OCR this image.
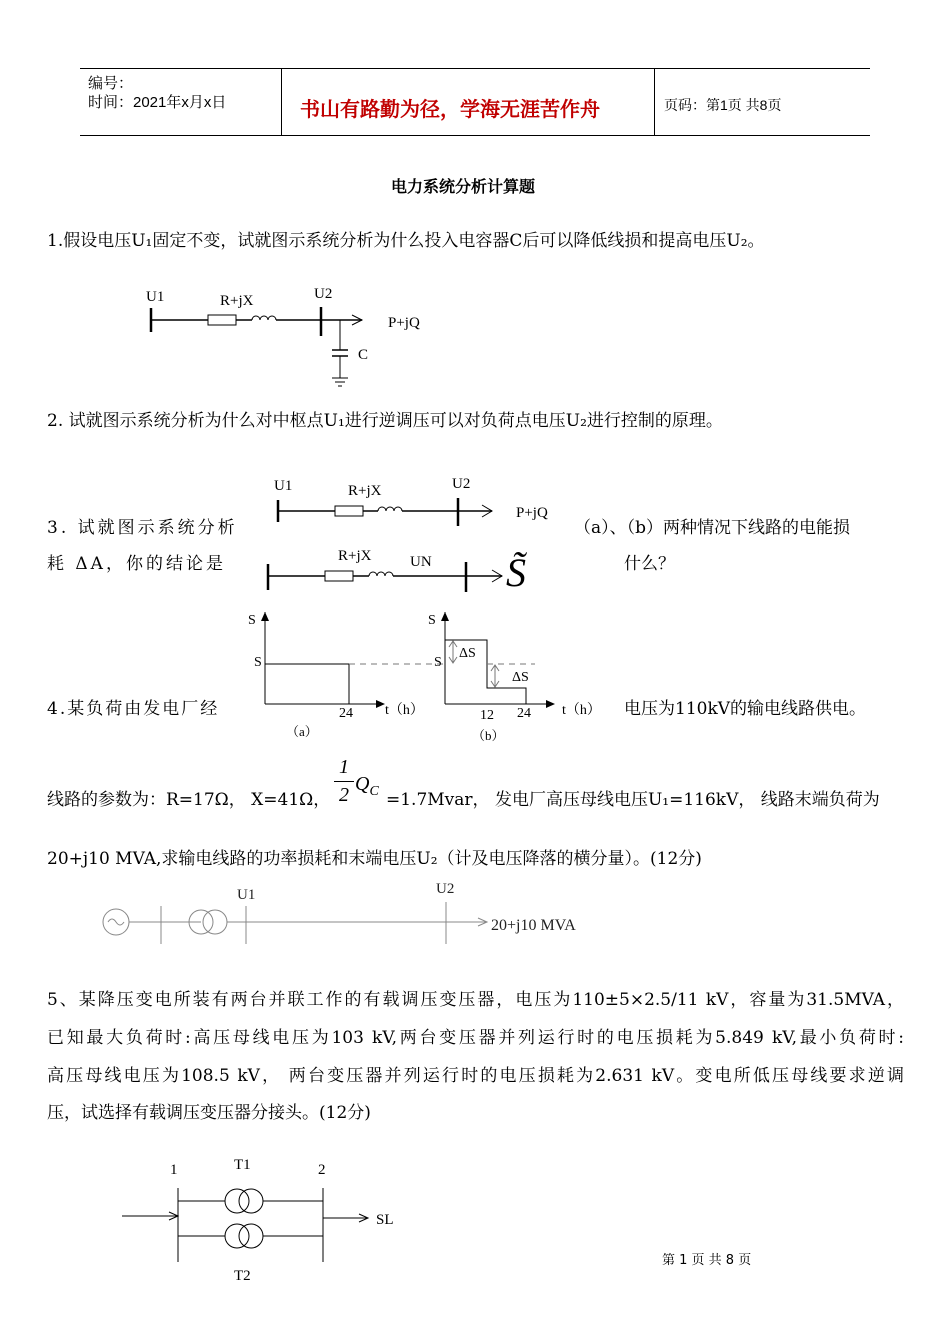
编号：
时间：2021年x月x日	书山有路勤为径，学海无涯苦作舟	页码：第1页 共8页
电力系统分析计算题
1.假设电压U₁固定不变，试就图示系统分析为什么投入电容器C后可以降低线损和提高电压U₂。
U1	R+jX	U2
P+jQ
C
2. 试就图示系统分析为什么对中枢点U₁进行逆调压可以对负荷点电压U₂进行控制的原理。
U1	R+jX	U2
P+jQ
3. 试就图示系统分析	（a）、（b）两种情况下线路的电能损
耗 ΔA，你的结论是	什么？
R+jX	UN S̃
S
S
24 t（h）
（a）
S
S
ΔS
ΔS
12 24 t（h）
（b）
4.某负荷由发电厂经	电压为110kV的输电线路供电。
线路的参数为：R=17Ω， X=41Ω，
1
2 $Q_C$ =1.7Mvar， 发电厂高压母线电压U₁=116kV， 线路末端负荷为
20+j10 MVA,求输电线路的功率损耗和末端电压U₂（计及电压降落的横分量）。(12分)
U1	U2
20+j10 MVA
5、某降压变电所装有两台并联工作的有载调压变压器，电压为110±5×2.5/11 kV，容量为31.5MVA，
已知最大负荷时:高压母线电压为103 kV,两台变压器并列运行时的电压损耗为5.849 kV,最小负荷时:
高压母线电压为108.5 kV， 两台变压器并列运行时的电压损耗为2.631 kV。变电所低压母线要求逆调
压，试选择有载调压变压器分接头。(12分)
1	2
T1
T2
SL
第 1 页 共 8 页
